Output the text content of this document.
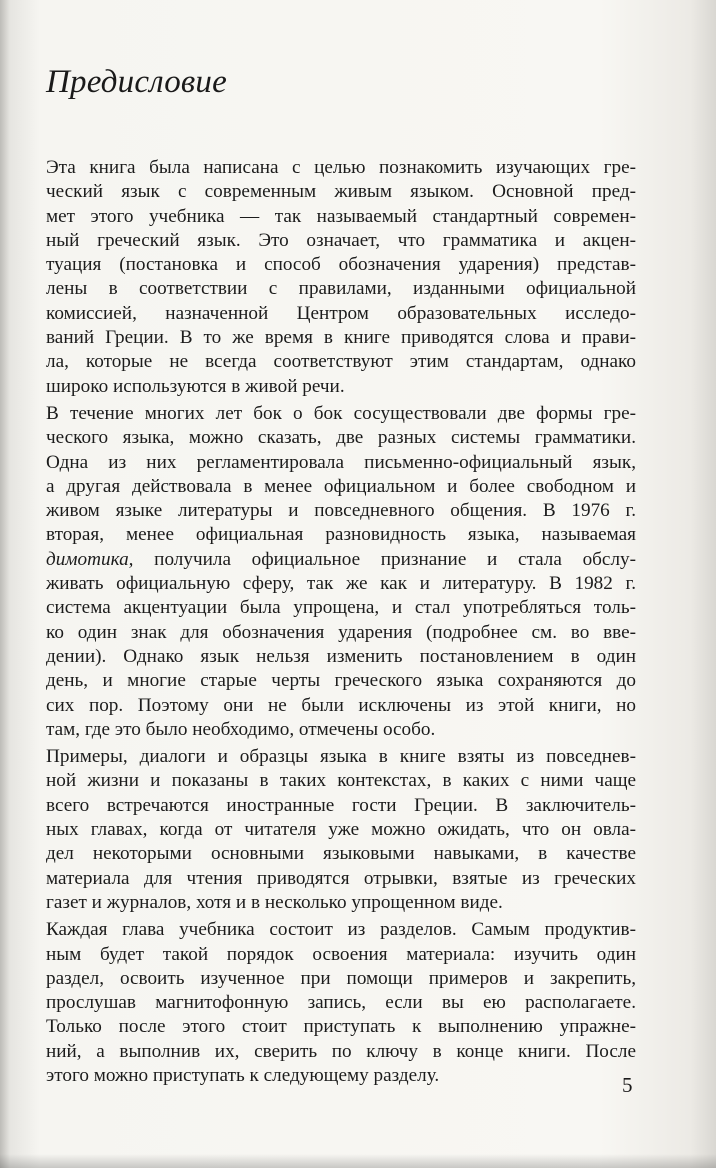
Предисловие
Эта книга была написана с целью познакомить изучающих гре-
ческий язык с современным живым языком. Основной пред-
мет этого учебника — так называемый стандартный современ-
ный греческий язык. Это означает, что грамматика и акцен-
туация (постановка и способ обозначения ударения) представ-
лены в соответствии с правилами, изданными официальной
комиссией, назначенной Центром образовательных исследо-
ваний Греции. В то же время в книге приводятся слова и прави-
ла, которые не всегда соответствуют этим стандартам, однако
широко используются в живой речи.
В течение многих лет бок о бок сосуществовали две формы гре-
ческого языка, можно сказать, две разных системы грамматики.
Одна из них регламентировала письменно-официальный язык,
а другая действовала в менее официальном и более свободном и
живом языке литературы и повседневного общения. В 1976 г.
вторая, менее официальная разновидность языка, называемая
димотика, получила официальное признание и стала обслу-
живать официальную сферу, так же как и литературу. В 1982 г.
система акцентуации была упрощена, и стал употребляться толь-
ко один знак для обозначения ударения (подробнее см. во вве-
дении). Однако язык нельзя изменить постановлением в один
день, и многие старые черты греческого языка сохраняются до
сих пор. Поэтому они не были исключены из этой книги, но
там, где это было необходимо, отмечены особо.
Примеры, диалоги и образцы языка в книге взяты из повседнев-
ной жизни и показаны в таких контекстах, в каких с ними чаще
всего встречаются иностранные гости Греции. В заключитель-
ных главах, когда от читателя уже можно ожидать, что он овла-
дел некоторыми основными языковыми навыками, в качестве
материала для чтения приводятся отрывки, взятые из греческих
газет и журналов, хотя и в несколько упрощенном виде.
Каждая глава учебника состоит из разделов. Самым продуктив-
ным будет такой порядок освоения материала: изучить один
раздел, освоить изученное при помощи примеров и закрепить,
прослушав магнитофонную запись, если вы ею располагаете.
Только после этого стоит приступать к выполнению упражне-
ний, а выполнив их, сверить по ключу в конце книги. После
этого можно приступать к следующему разделу.	5
